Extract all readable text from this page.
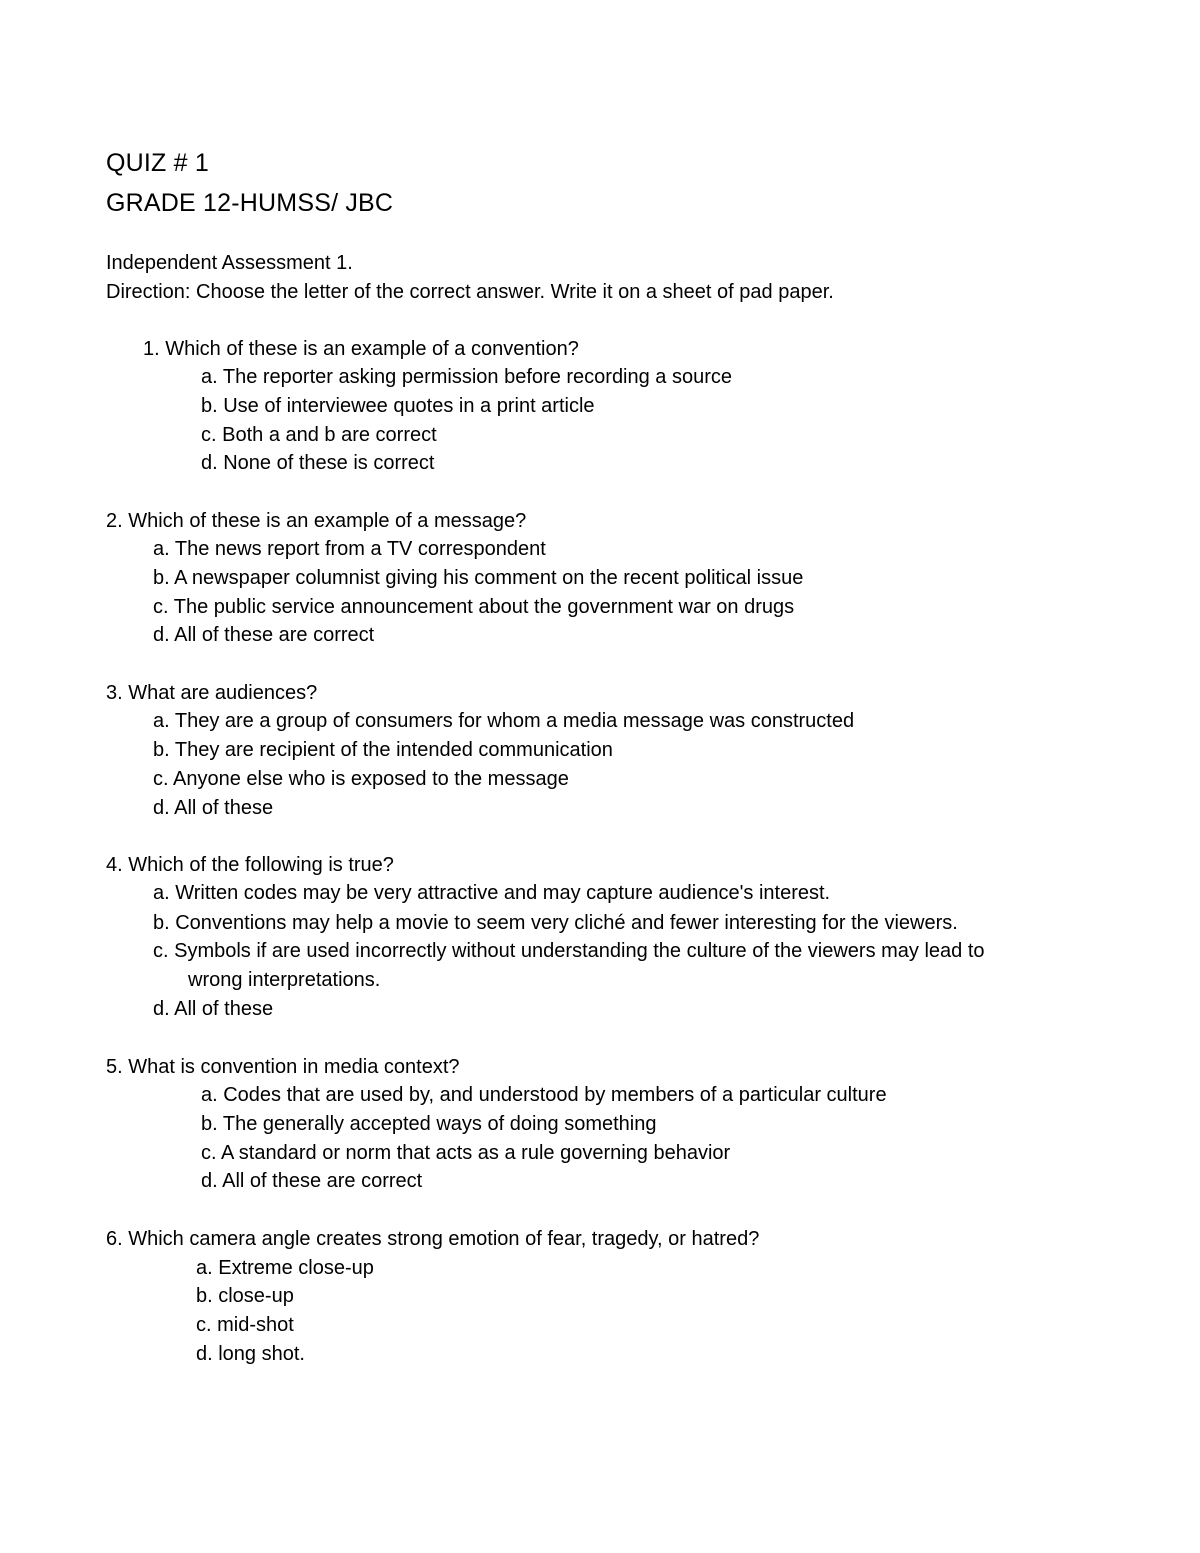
QUIZ # 1
GRADE 12-HUMSS/ JBC
Independent Assessment 1.
Direction: Choose the letter of the correct answer. Write it on a sheet of pad paper.
1. Which of these is an example of a convention?
a. The reporter asking permission before recording a source
b. Use of interviewee quotes in a print article
c. Both a and b are correct
d. None of these is correct
2. Which of these is an example of a message?
a. The news report from a TV correspondent
b. A newspaper columnist giving his comment on the recent political issue
c. The public service announcement about the government war on drugs
d. All of these are correct
3. What are audiences?
a. They are a group of consumers for whom a media message was constructed
b. They are recipient of the intended communication
c. Anyone else who is exposed to the message
d. All of these
4. Which of the following is true?
a. Written codes may be very attractive and may capture audience's interest.
b. Conventions may help a movie to seem very cliché and fewer interesting for the viewers.
c. Symbols if are used incorrectly without understanding the culture of the viewers may lead to
wrong interpretations.
d. All of these
5. What is convention in media context?
a. Codes that are used by, and understood by members of a particular culture
b. The generally accepted ways of doing something
c. A standard or norm that acts as a rule governing behavior
d. All of these are correct
6. Which camera angle creates strong emotion of fear, tragedy, or hatred?
a. Extreme close-up
b. close-up
c. mid-shot
d. long shot.
